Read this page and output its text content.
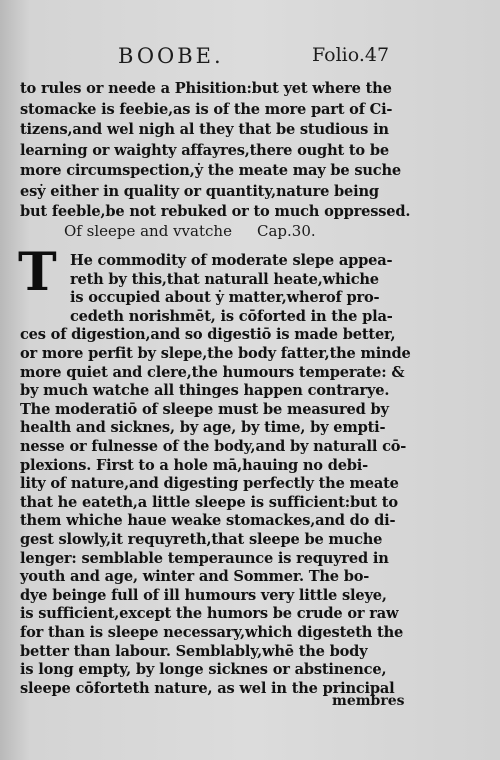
BOOBE.	Folio.47
to rules or neede a Phisition:but yet where the
stomacke is feebie,as is of the more part of Ci-
tizens,and wel nigh al they that be studious in
learning or waighty affayres,there ought to be
more circumspection,ẏ the meate may be suche
esẏ either in quality or quantity,nature being
but feeble,be not rebuked or to much oppressed.
Of sleepe and vvatche Cap.30.
T He commodity of moderate slepe appea-
reth by this,that naturall heate,whiche
is occupied about ẏ matter,wherof pro-
cedeth norishmēt, is cōforted in the pla-
ces of digestion,and so digestiō is made better,
or more perfit by slepe,the body fatter,the minde
more quiet and clere,the humours temperate: &
by much watche all thinges happen contrarye.
The moderatiō of sleepe must be measured by
health and sicknes, by age, by time, by empti-
nesse or fulnesse of the body,and by naturall cō-
plexions. First to a hole mā,hauing no debi-
lity of nature,and digesting perfectly the meate
that he eateth,a little sleepe is sufficient:but to
them whiche haue weake stomackes,and do di-
gest slowly,it requyreth,that sleepe be muche
lenger: semblable temperaunce is requyred in
youth and age, winter and Sommer. The bo-
dye beinge full of ill humours very little sleye,
is sufficient,except the humors be crude or raw
for than is sleepe necessary,which digesteth the
better than labour. Semblably,whē the body
is long empty, by longe sicknes or abstinence,
sleepe cōforteth nature, as wel in the principal
membres
